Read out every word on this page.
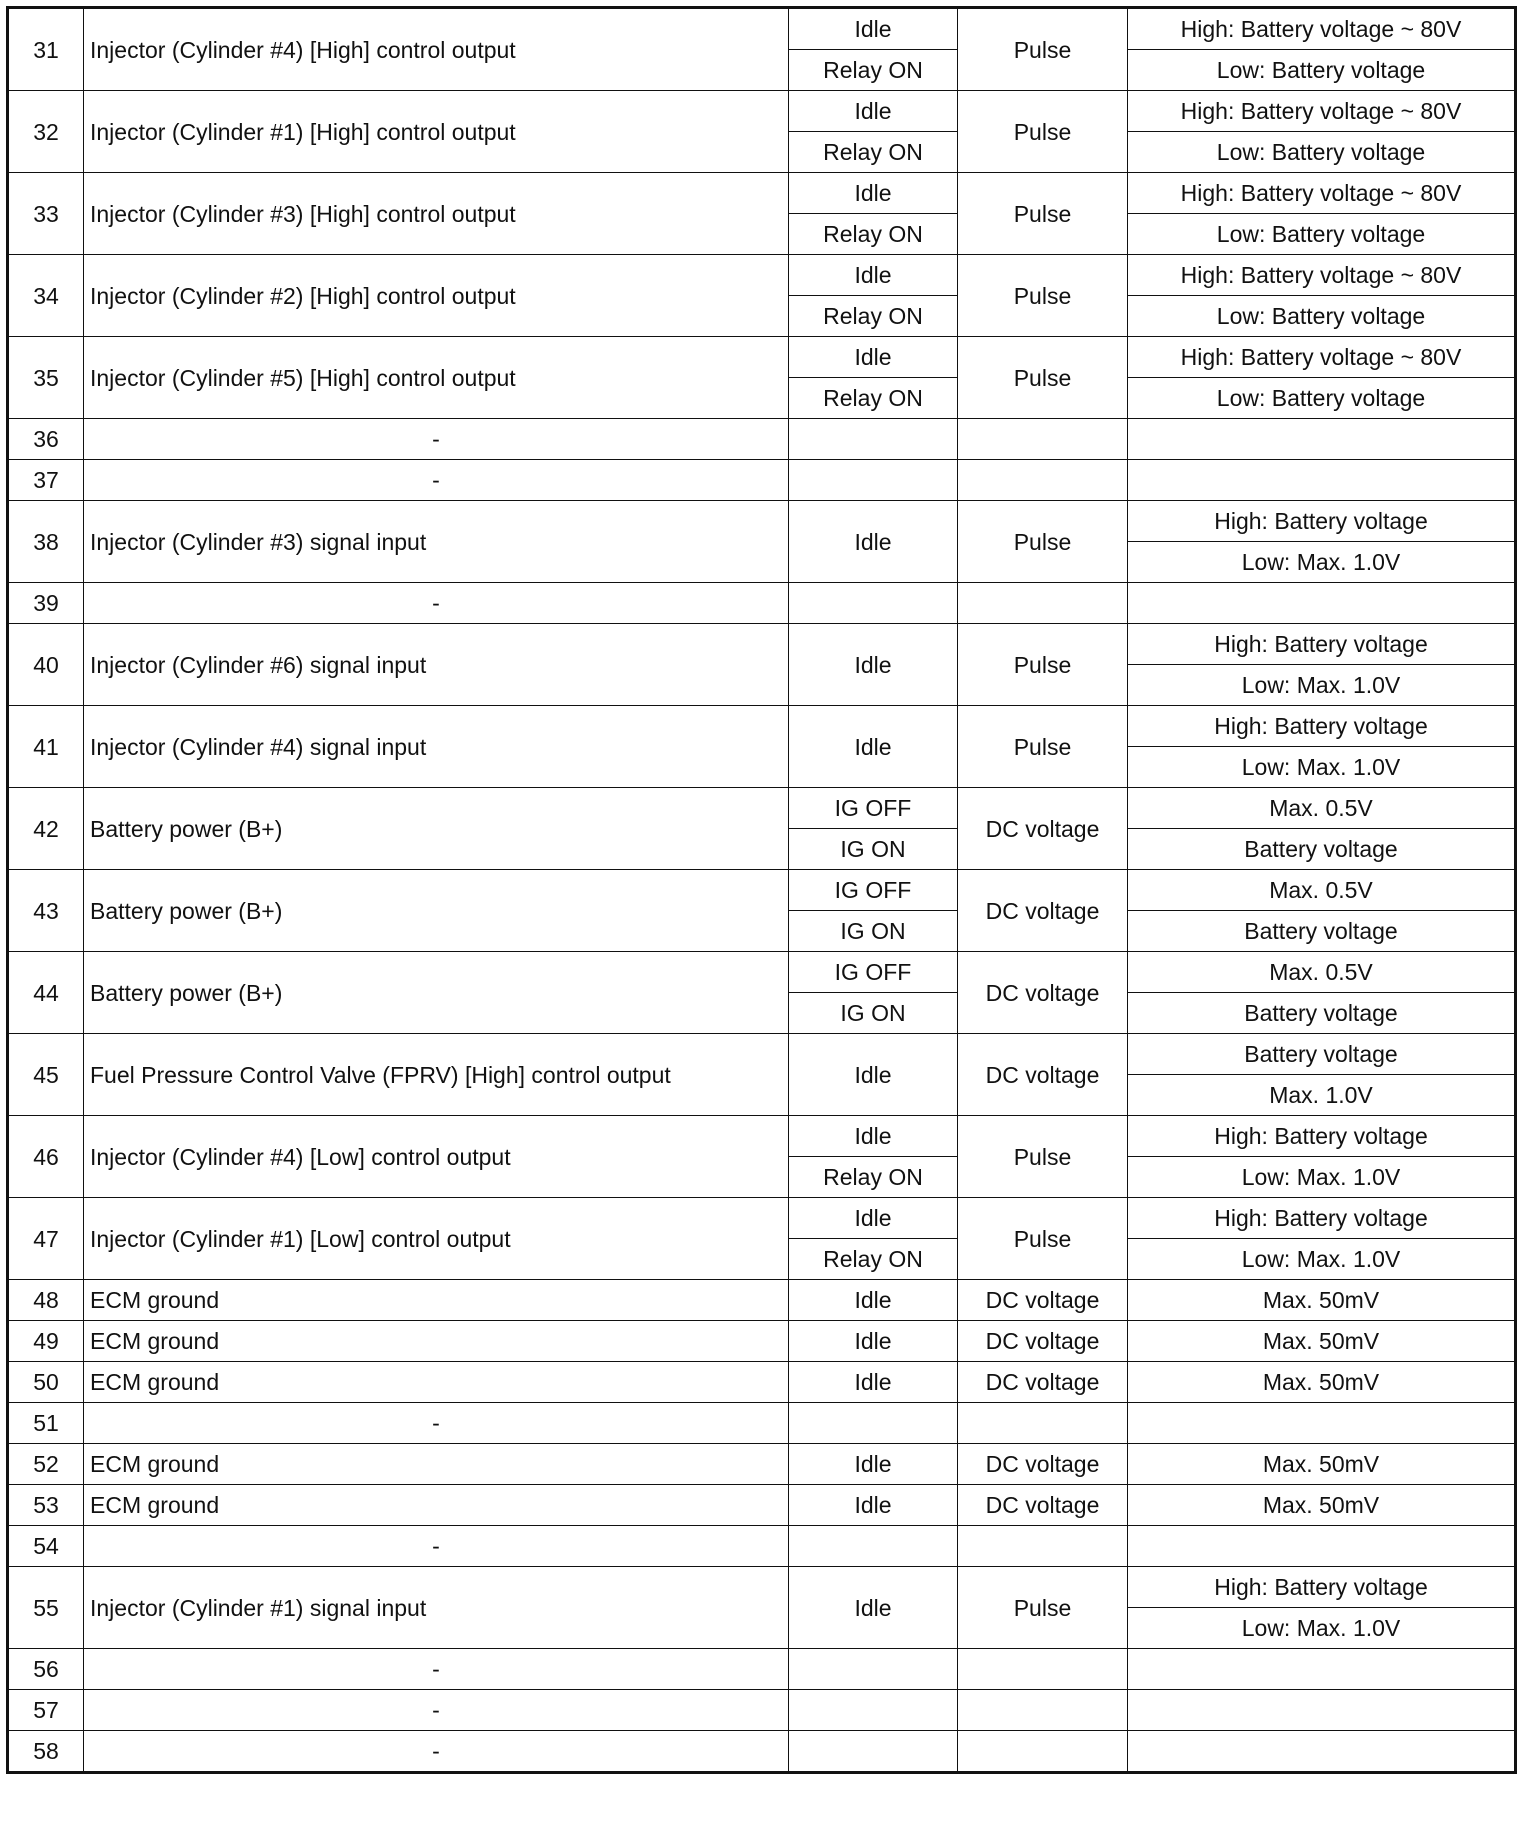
31	Injector (Cylinder #4) [High] control output	Idle	Pulse	High: Battery voltage ~ 80V
		Relay ON		Low: Battery voltage
32	Injector (Cylinder #1) [High] control output	Idle	Pulse	High: Battery voltage ~ 80V
		Relay ON		Low: Battery voltage
33	Injector (Cylinder #3) [High] control output	Idle	Pulse	High: Battery voltage ~ 80V
		Relay ON		Low: Battery voltage
34	Injector (Cylinder #2) [High] control output	Idle	Pulse	High: Battery voltage ~ 80V
		Relay ON		Low: Battery voltage
35	Injector (Cylinder #5) [High] control output	Idle	Pulse	High: Battery voltage ~ 80V
		Relay ON		Low: Battery voltage
36	-			
37	-			
38	Injector (Cylinder #3) signal input	Idle	Pulse	High: Battery voltage
				Low: Max. 1.0V
39	-			
40	Injector (Cylinder #6) signal input	Idle	Pulse	High: Battery voltage
				Low: Max. 1.0V
41	Injector (Cylinder #4) signal input	Idle	Pulse	High: Battery voltage
				Low: Max. 1.0V
42	Battery power (B+)	IG OFF	DC voltage	Max. 0.5V
		IG ON		Battery voltage
43	Battery power (B+)	IG OFF	DC voltage	Max. 0.5V
		IG ON		Battery voltage
44	Battery power (B+)	IG OFF	DC voltage	Max. 0.5V
		IG ON		Battery voltage
45	Fuel Pressure Control Valve (FPRV) [High] control output	Idle	DC voltage	Battery voltage
				Max. 1.0V
46	Injector (Cylinder #4) [Low] control output	Idle	Pulse	High: Battery voltage
		Relay ON		Low: Max. 1.0V
47	Injector (Cylinder #1) [Low] control output	Idle	Pulse	High: Battery voltage
		Relay ON		Low: Max. 1.0V
48	ECM ground	Idle	DC voltage	Max. 50mV
49	ECM ground	Idle	DC voltage	Max. 50mV
50	ECM ground	Idle	DC voltage	Max. 50mV
51	-			
52	ECM ground	Idle	DC voltage	Max. 50mV
53	ECM ground	Idle	DC voltage	Max. 50mV
54	-			
55	Injector (Cylinder #1) signal input	Idle	Pulse	High: Battery voltage
				Low: Max. 1.0V
56	-			
57	-			
58	-			
